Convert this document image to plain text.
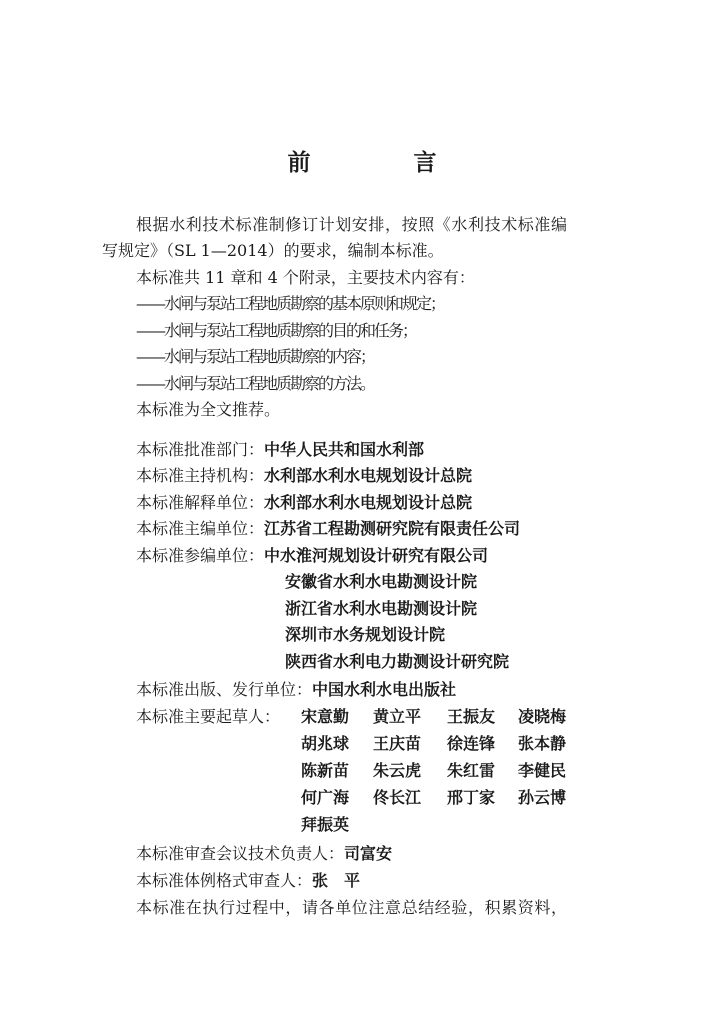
前　言
根据水利技术标准制修订计划安排，按照《水利技术标准编
写规定》（SL 1—2014）的要求，编制本标准。
本标准共 11 章和 4 个附录，主要技术内容有：
——水闸与泵站工程地质勘察的基本原则和规定；
——水闸与泵站工程地质勘察的目的和任务；
——水闸与泵站工程地质勘察的内容；
——水闸与泵站工程地质勘察的方法。
本标准为全文推荐。
本标准批准部门：中华人民共和国水利部
本标准主持机构：水利部水利水电规划设计总院
本标准解释单位：水利部水利水电规划设计总院
本标准主编单位：江苏省工程勘测研究院有限责任公司
本标准参编单位：中水淮河规划设计研究有限公司
安徽省水利水电勘测设计院
浙江省水利水电勘测设计院
深圳市水务规划设计院
陕西省水利电力勘测设计研究院
本标准出版、发行单位：中国水利水电出版社
本标准主要起草人： 宋意勤 黄立平 王振友 凌晓梅
胡兆球 王庆苗 徐连锋 张本静
陈新苗 朱云虎 朱红雷 李健民
何广海 佟长江 邢丁家 孙云博
拜振英
本标准审查会议技术负责人：司富安
本标准体例格式审查人：张　平
本标准在执行过程中，请各单位注意总结经验，积累资料，
